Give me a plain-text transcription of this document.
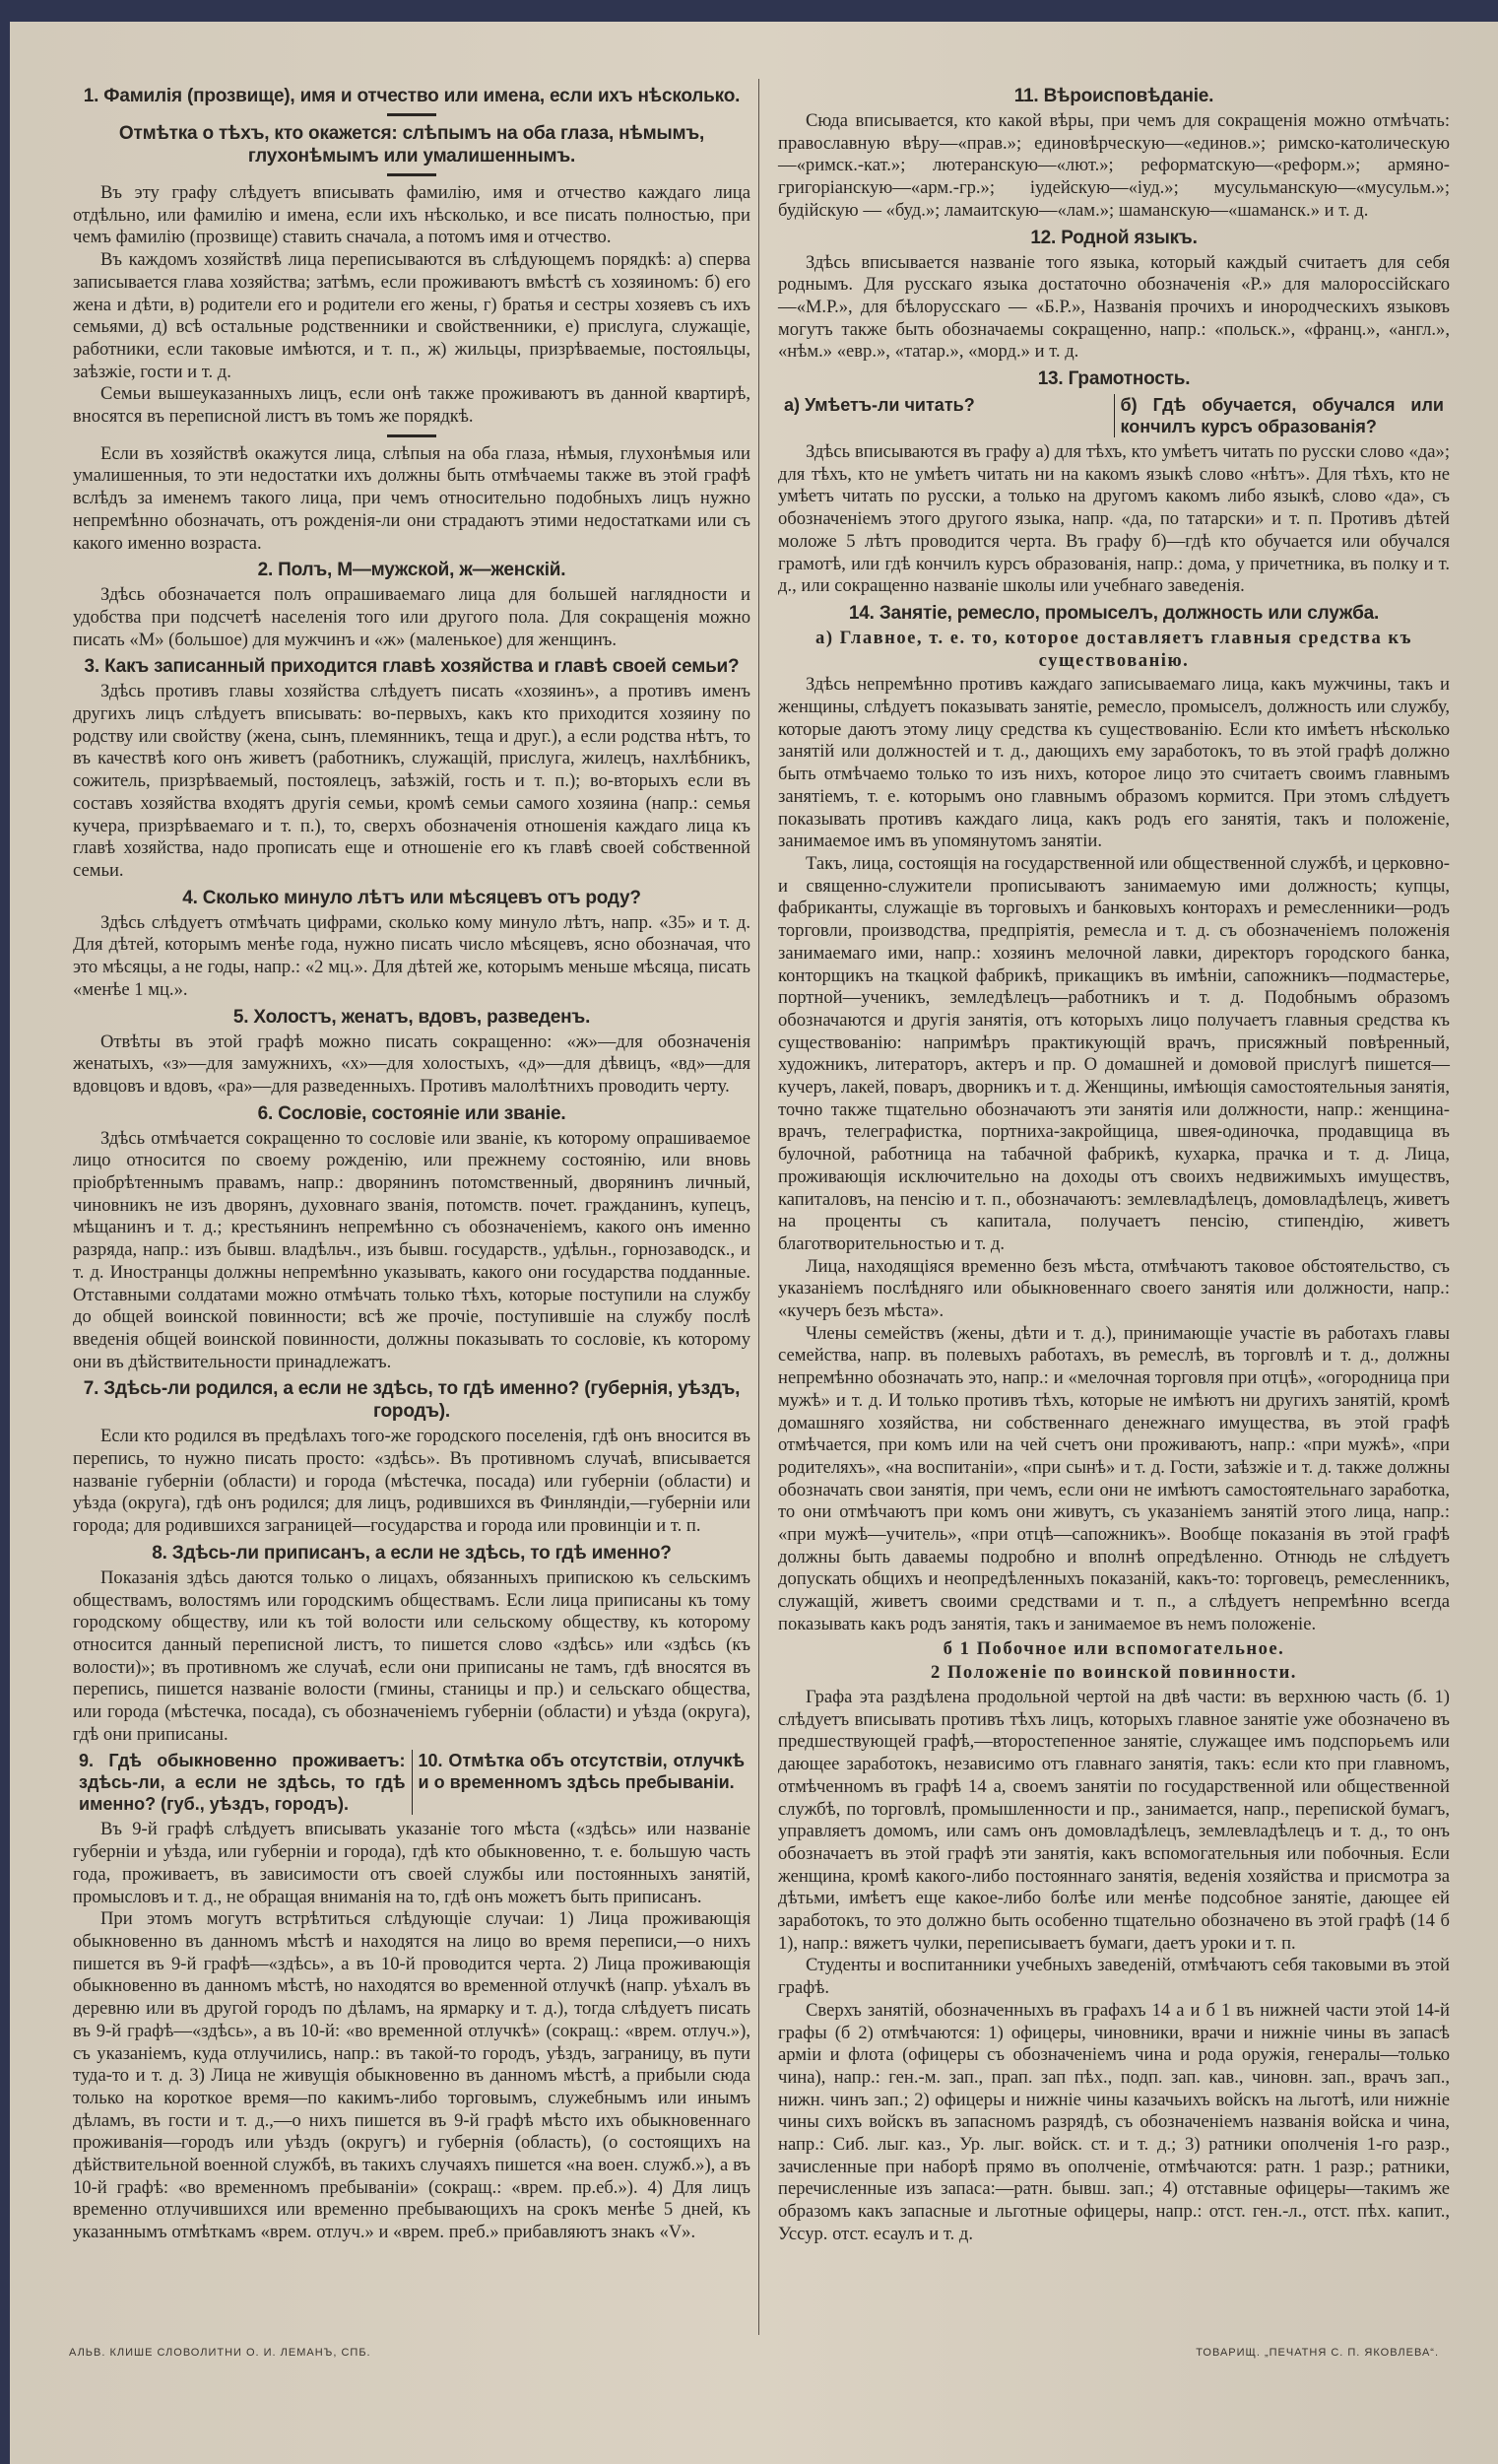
1. Фамилія (прозвище), имя и отчество или имена, если ихъ нѣсколько.
Отмѣтка о тѣхъ, кто окажется: слѣпымъ на оба глаза, нѣмымъ, глухонѣмымъ или умалишеннымъ.
Въ эту графу слѣдуетъ вписывать фамилію, имя и отчество каждаго лица отдѣльно, или фамилію и имена, если ихъ нѣсколько, и все писать полностью, при чемъ фамилію (прозвище) ставить сначала, а потомъ имя и отчество.
Въ каждомъ хозяйствѣ лица переписываются въ слѣдующемъ порядкѣ: а) сперва записывается глава хозяйства; затѣмъ, если проживаютъ вмѣстѣ съ хозяиномъ: б) его жена и дѣти, в) родители его и родители его жены, г) братья и сестры хозяевъ съ ихъ семьями, д) всѣ остальные родственники и свойственники, е) прислуга, служащіе, работники, если таковые имѣются, и т. п., ж) жильцы, призрѣваемые, постояльцы, заѣзжіе, гости и т. д.
Семьи вышеуказанныхъ лицъ, если онѣ также проживаютъ въ данной квартирѣ, вносятся въ переписной листъ въ томъ же порядкѣ.
Если въ хозяйствѣ окажутся лица, слѣпыя на оба глаза, нѣмыя, глухонѣмыя или умалишенныя, то эти недостатки ихъ должны быть отмѣчаемы также въ этой графѣ вслѣдъ за именемъ такого лица, при чемъ относительно подобныхъ лицъ нужно непремѣнно обозначать, отъ рожденія-ли они страдаютъ этими недостатками или съ какого именно возраста.
2. Полъ, М—мужской, ж—женскій.
Здѣсь обозначается полъ опрашиваемаго лица для большей наглядности и удобства при подсчетѣ населенія того или другого пола. Для сокращенія можно писать «М» (большое) для мужчинъ и «ж» (маленькое) для женщинъ.
3. Какъ записанный приходится главѣ хозяйства и главѣ своей семьи?
Здѣсь противъ главы хозяйства слѣдуетъ писать «хозяинъ», а противъ именъ другихъ лицъ слѣдуетъ вписывать: во-первыхъ, какъ кто приходится хозяину по родству или свойству (жена, сынъ, племянникъ, теща и друг.), а если родства нѣтъ, то въ качествѣ кого онъ живетъ (работникъ, служащій, прислуга, жилецъ, нахлѣбникъ, сожитель, призрѣваемый, постоялецъ, заѣзжій, гость и т. п.); во-вторыхъ если въ составъ хозяйства входятъ другія семьи, кромѣ семьи самого хозяина (напр.: семья кучера, призрѣваемаго и т. п.), то, сверхъ обозначенія отношенія каждаго лица къ главѣ хозяйства, надо прописать еще и отношеніе его къ главѣ своей собственной семьи.
4. Сколько минуло лѣтъ или мѣсяцевъ отъ роду?
Здѣсь слѣдуетъ отмѣчать цифрами, сколько кому минуло лѣтъ, напр. «35» и т. д. Для дѣтей, которымъ менѣе года, нужно писать число мѣсяцевъ, ясно обозначая, что это мѣсяцы, а не годы, напр.: «2 мц.». Для дѣтей же, которымъ меньше мѣсяца, писать «менѣе 1 мц.».
5. Холостъ, женатъ, вдовъ, разведенъ.
Отвѣты въ этой графѣ можно писать сокращенно: «ж»—для обозначенія женатыхъ, «з»—для замужнихъ, «х»—для холостыхъ, «д»—для дѣвицъ, «вд»—для вдовцовъ и вдовъ, «ра»—для разведенныхъ. Противъ малолѣтнихъ проводить черту.
6. Сословіе, состояніе или званіе.
Здѣсь отмѣчается сокращенно то сословіе или званіе, къ которому опрашиваемое лицо относится по своему рожденію, или прежнему состоянію, или вновь пріобрѣтеннымъ правамъ, напр.: дворянинъ потомственный, дворянинъ личный, чиновникъ не изъ дворянъ, духовнаго званія, потомств. почет. гражданинъ, купецъ, мѣщанинъ и т. д.; крестьянинъ непремѣнно съ обозначеніемъ, какого онъ именно разряда, напр.: изъ бывш. владѣльч., изъ бывш. государств., удѣльн., горнозаводск., и т. д. Иностранцы должны непремѣнно указывать, какого они государства подданные. Отставными солдатами можно отмѣчать только тѣхъ, которые поступили на службу до общей воинской повинности; всѣ же прочіе, поступившіе на службу послѣ введенія общей воинской повинности, должны показывать то сословіе, къ которому они въ дѣйствительности принадлежатъ.
7. Здѣсь-ли родился, а если не здѣсь, то гдѣ именно? (губернія, уѣздъ, городъ).
Если кто родился въ предѣлахъ того-же городского поселенія, гдѣ онъ вносится въ перепись, то нужно писать просто: «здѣсь». Въ противномъ случаѣ, вписывается названіе губерніи (области) и города (мѣстечка, посада) или губерніи (области) и уѣзда (округа), гдѣ онъ родился; для лицъ, родившихся въ Финляндіи,—губерніи или города; для родившихся заграницей—государства и города или провинціи и т. п.
8. Здѣсь-ли приписанъ, а если не здѣсь, то гдѣ именно?
Показанія здѣсь даются только о лицахъ, обязанныхъ припискою къ сельскимъ обществамъ, волостямъ или городскимъ обществамъ. Если лица приписаны къ тому городскому обществу, или къ той волости или сельскому обществу, къ которому относится данный переписной листъ, то пишется слово «здѣсь» или «здѣсь (къ волости)»; въ противномъ же случаѣ, если они приписаны не тамъ, гдѣ вносятся въ перепись, пишется названіе волости (гмины, станицы и пр.) и сельскаго общества, или города (мѣстечка, посада), съ обозначеніемъ губерніи (области) и уѣзда (округа), гдѣ они приписаны.
9. Гдѣ обыкновенно проживаетъ: здѣсь-ли, а если не здѣсь, то гдѣ именно? (губ., уѣздъ, городъ).
10. Отмѣтка объ отсутствіи, отлучкѣ и о временномъ здѣсь пребываніи.
Въ 9-й графѣ слѣдуетъ вписывать указаніе того мѣста («здѣсь» или названіе губерніи и уѣзда, или губерніи и города), гдѣ кто обыкновенно, т. е. большую часть года, проживаетъ, въ зависимости отъ своей службы или постоянныхъ занятій, промысловъ и т. д., не обращая вниманія на то, гдѣ онъ можетъ быть приписанъ.
При этомъ могутъ встрѣтиться слѣдующіе случаи: 1) Лица проживающія обыкновенно въ данномъ мѣстѣ и находятся на лицо во время переписи,—о нихъ пишется въ 9-й графѣ—«здѣсь», а въ 10-й проводится черта. 2) Лица проживающія обыкновенно въ данномъ мѣстѣ, но находятся во временной отлучкѣ (напр. уѣхалъ въ деревню или въ другой городъ по дѣламъ, на ярмарку и т. д.), тогда слѣдуетъ писать въ 9-й графѣ—«здѣсь», а въ 10-й: «во временной отлучкѣ» (сокращ.: «врем. отлуч.»), съ указаніемъ, куда отлучились, напр.: въ такой-то городъ, уѣздъ, заграницу, въ пути туда-то и т. д. 3) Лица не живущія обыкновенно въ данномъ мѣстѣ, а прибыли сюда только на короткое время—по какимъ-либо торговымъ, служебнымъ или инымъ дѣламъ, въ гости и т. д.,—о нихъ пишется въ 9-й графѣ мѣсто ихъ обыкновеннаго проживанія—городъ или уѣздъ (округъ) и губернія (область), (о состоящихъ на дѣйствительной военной службѣ, въ такихъ случаяхъ пишется «на воен. служб.»), а въ 10-й графѣ: «во временномъ пребываніи» (сокращ.: «врем. пр.еб.»). 4) Для лицъ временно отлучившихся или временно пребывающихъ на срокъ менѣе 5 дней, къ указаннымъ отмѣткамъ «врем. отлуч.» и «врем. преб.» прибавляютъ знакъ «V».
11. Вѣроисповѣданіе.
Сюда вписывается, кто какой вѣры, при чемъ для сокращенія можно отмѣчать: православную вѣру—«прав.»; единовѣрческую—«единов.»; римско-католическую—«римск.-кат.»; лютеранскую—«лют.»; реформатскую—«реформ.»; армяно-григоріанскую—«арм.-гр.»; іудейскую—«іуд.»; мусульманскую—«мусульм.»; будійскую — «буд.»; ламаитскую—«лам.»; шаманскую—«шаманск.» и т. д.
12. Родной языкъ.
Здѣсь вписывается названіе того языка, который каждый считаетъ для себя роднымъ. Для русскаго языка достаточно обозначенія «Р.» для малороссійскаго—«М.Р.», для бѣлорусскаго — «Б.Р.», Названія прочихъ и инородческихъ языковъ могутъ также быть обозначаемы сокращенно, напр.: «польск.», «франц.», «англ.», «нѣм.» «евр.», «татар.», «морд.» и т. д.
13. Грамотность.
а) Умѣетъ-ли читать?	б) Гдѣ обучается, обучался или кончилъ курсъ образованія?
Здѣсь вписываются въ графу а) для тѣхъ, кто умѣетъ читать по русски слово «да»; для тѣхъ, кто не умѣетъ читать ни на какомъ языкѣ слово «нѣтъ». Для тѣхъ, кто не умѣетъ читать по русски, а только на другомъ какомъ либо языкѣ, слово «да», съ обозначеніемъ этого другого языка, напр. «да, по татарски» и т. п. Противъ дѣтей моложе 5 лѣтъ проводится черта. Въ графу б)—гдѣ кто обучается или обучался грамотѣ, или гдѣ кончилъ курсъ образованія, напр.: дома, у причетника, въ полку и т. д., или сокращенно названіе школы или учебнаго заведенія.
14. Занятіе, ремесло, промыселъ, должность или служба.
а) Главное, т. е. то, которое доставляетъ главныя средства къ существованію.
Здѣсь непремѣнно противъ каждаго записываемаго лица, какъ мужчины, такъ и женщины, слѣдуетъ показывать занятіе, ремесло, промыселъ, должность или службу, которые даютъ этому лицу средства къ существованію. Если кто имѣетъ нѣсколько занятій или должностей и т. д., дающихъ ему заработокъ, то въ этой графѣ должно быть отмѣчаемо только то изъ нихъ, которое лицо это считаетъ своимъ главнымъ занятіемъ, т. е. которымъ оно главнымъ образомъ кормится. При этомъ слѣдуетъ показывать противъ каждаго лица, какъ родъ его занятія, такъ и положеніе, занимаемое имъ въ упомянутомъ занятіи.
Такъ, лица, состоящія на государственной или общественной службѣ, и церковно-и священно-служители прописываютъ занимаемую ими должность; купцы, фабриканты, служащіе въ торговыхъ и банковыхъ конторахъ и ремесленники—родъ торговли, производства, предпріятія, ремесла и т. д. съ обозначеніемъ положенія занимаемаго ими, напр.: хозяинъ мелочной лавки, директоръ городского банка, конторщикъ на ткацкой фабрикѣ, прикащикъ въ имѣніи, сапожникъ—подмастерье, портной—ученикъ, земледѣлецъ—работникъ и т. д. Подобнымъ образомъ обозначаются и другія занятія, отъ которыхъ лицо получаетъ главныя средства къ существованію: напримѣръ практикующій врачъ, присяжный повѣренный, художникъ, литераторъ, актеръ и пр. О домашней и домовой прислугѣ пишется—кучеръ, лакей, поваръ, дворникъ и т. д. Женщины, имѣющія самостоятельныя занятія, точно также тщательно обозначаютъ эти занятія или должности, напр.: женщина-врачъ, телеграфистка, портниха-закройщица, швея-одиночка, продавщица въ булочной, работница на табачной фабрикѣ, кухарка, прачка и т. д. Лица, проживающія исключительно на доходы отъ своихъ недвижимыхъ имуществъ, капиталовъ, на пенсію и т. п., обозначаютъ: землевладѣлецъ, домовладѣлецъ, живетъ на проценты съ капитала, получаетъ пенсію, стипендію, живетъ благотворительностью и т. д.
Лица, находящіяся временно безъ мѣста, отмѣчаютъ таковое обстоятельство, съ указаніемъ послѣдняго или обыкновеннаго своего занятія или должности, напр.: «кучеръ безъ мѣста».
Члены семействъ (жены, дѣти и т. д.), принимающіе участіе въ работахъ главы семейства, напр. въ полевыхъ работахъ, въ ремеслѣ, въ торговлѣ и т. д., должны непремѣнно обозначать это, напр.: и «мелочная торговля при отцѣ», «огородница при мужѣ» и т. д. И только противъ тѣхъ, которые не имѣютъ ни другихъ занятій, кромѣ домашняго хозяйства, ни собственнаго денежнаго имущества, въ этой графѣ отмѣчается, при комъ или на чей счетъ они проживаютъ, напр.: «при мужѣ», «при родителяхъ», «на воспитаніи», «при сынѣ» и т. д. Гости, заѣзжіе и т. д. также должны обозначать свои занятія, при чемъ, если они не имѣютъ самостоятельнаго заработка, то они отмѣчаютъ при комъ они живутъ, съ указаніемъ занятій этого лица, напр.: «при мужѣ—учитель», «при отцѣ—сапожникъ». Вообще показанія въ этой графѣ должны быть даваемы подробно и вполнѣ опредѣленно. Отнюдь не слѣдуетъ допускать общихъ и неопредѣленныхъ показаній, какъ-то: торговецъ, ремесленникъ, служащій, живетъ своими средствами и т. п., а слѣдуетъ непремѣнно всегда показывать какъ родъ занятія, такъ и занимаемое въ немъ положеніе.
б 1 Побочное или вспомогательное.
2 Положеніе по воинской повинности.
Графа эта раздѣлена продольной чертой на двѣ части: въ верхнюю часть (б. 1) слѣдуетъ вписывать противъ тѣхъ лицъ, которыхъ главное занятіе уже обозначено въ предшествующей графѣ,—второстепенное занятіе, служащее имъ подспорьемъ или дающее заработокъ, независимо отъ главнаго занятія, такъ: если кто при главномъ, отмѣченномъ въ графѣ 14 а, своемъ занятіи по государственной или общественной службѣ, по торговлѣ, промышленности и пр., занимается, напр., перепиской бумагъ, управляетъ домомъ, или самъ онъ домовладѣлецъ, землевладѣлецъ и т. д., то онъ обозначаетъ въ этой графѣ эти занятія, какъ вспомогательныя или побочныя. Если женщина, кромѣ какого-либо постояннаго занятія, веденія хозяйства и присмотра за дѣтьми, имѣетъ еще какое-либо болѣе или менѣе подсобное занятіе, дающее ей заработокъ, то это должно быть особенно тщательно обозначено въ этой графѣ (14 б 1), напр.: вяжетъ чулки, переписываетъ бумаги, даетъ уроки и т. п.
Студенты и воспитанники учебныхъ заведеній, отмѣчаютъ себя таковыми въ этой графѣ.
Сверхъ занятій, обозначенныхъ въ графахъ 14 а и б 1 въ нижней части этой 14-й графы (б 2) отмѣчаются: 1) офицеры, чиновники, врачи и нижніе чины въ запасѣ арміи и флота (офицеры съ обозначеніемъ чина и рода оружія, генералы—только чина), напр.: ген.-м. зап., прап. зап пѣх., подп. зап. кав., чиновн. зап., врачъ зап., нижн. чинъ зап.; 2) офицеры и нижніе чины казачьихъ войскъ на льготѣ, или нижніе чины сихъ войскъ въ запасномъ разрядѣ, съ обозначеніемъ названія войска и чина, напр.: Сиб. лыг. каз., Ур. лыг. войск. ст. и т. д.; 3) ратники ополченія 1-го разр., зачисленные при наборѣ прямо въ ополченіе, отмѣчаются: ратн. 1 разр.; ратники, перечисленные изъ запаса:—ратн. бывш. зап.; 4) отставные офицеры—такимъ же образомъ какъ запасные и льготные офицеры, напр.: отст. ген.-л., отст. пѣх. капит., Уссур. отст. есаулъ и т. д.
АЛЬВ. КЛИШЕ СЛОВОЛИТНИ О. И. ЛЕМАНЪ, СПБ.	ТОВАРИЩ. „ПЕЧАТНЯ С. П. ЯКОВЛЕВА“.
